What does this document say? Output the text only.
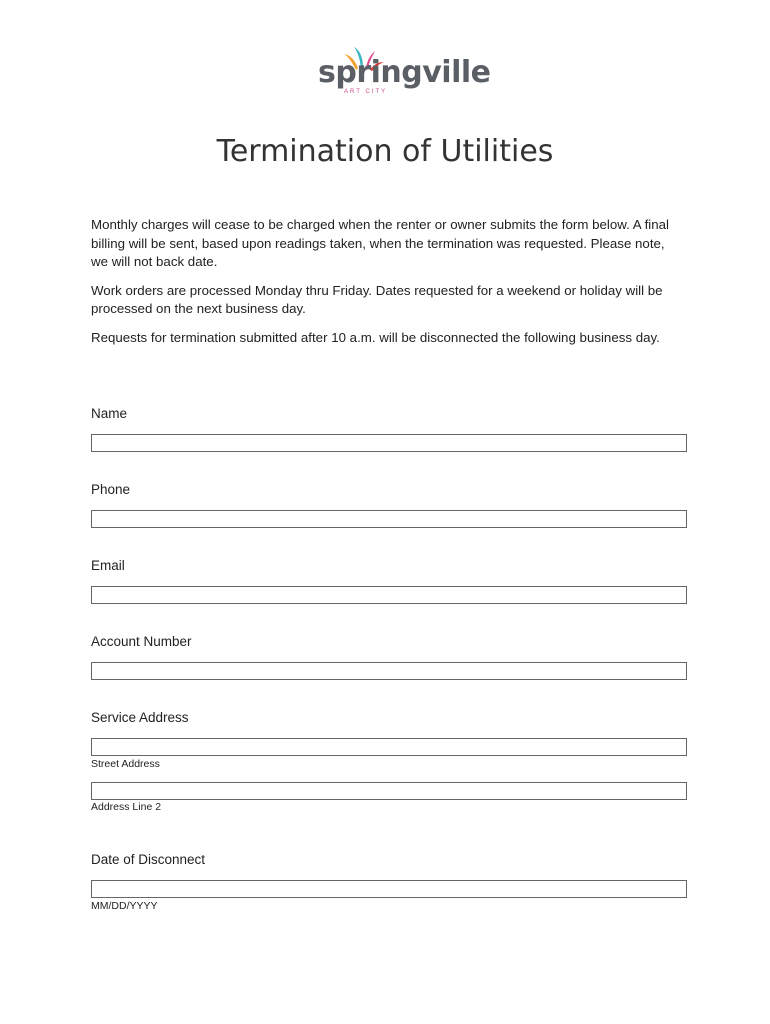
springville
ART CITY
Termination of Utilities

Monthly charges will cease to be charged when the renter or owner submits the form below. A final billing will be sent, based upon readings taken, when the termination was requested. Please note, we will not back date.

Work orders are processed Monday thru Friday. Dates requested for a weekend or holiday will be processed on the next business day.

Requests for termination submitted after 10 a.m. will be disconnected the following business day.

Name
Phone
Email
Account Number
Service Address
Street Address
Address Line 2
Date of Disconnect
MM/DD/YYYY
